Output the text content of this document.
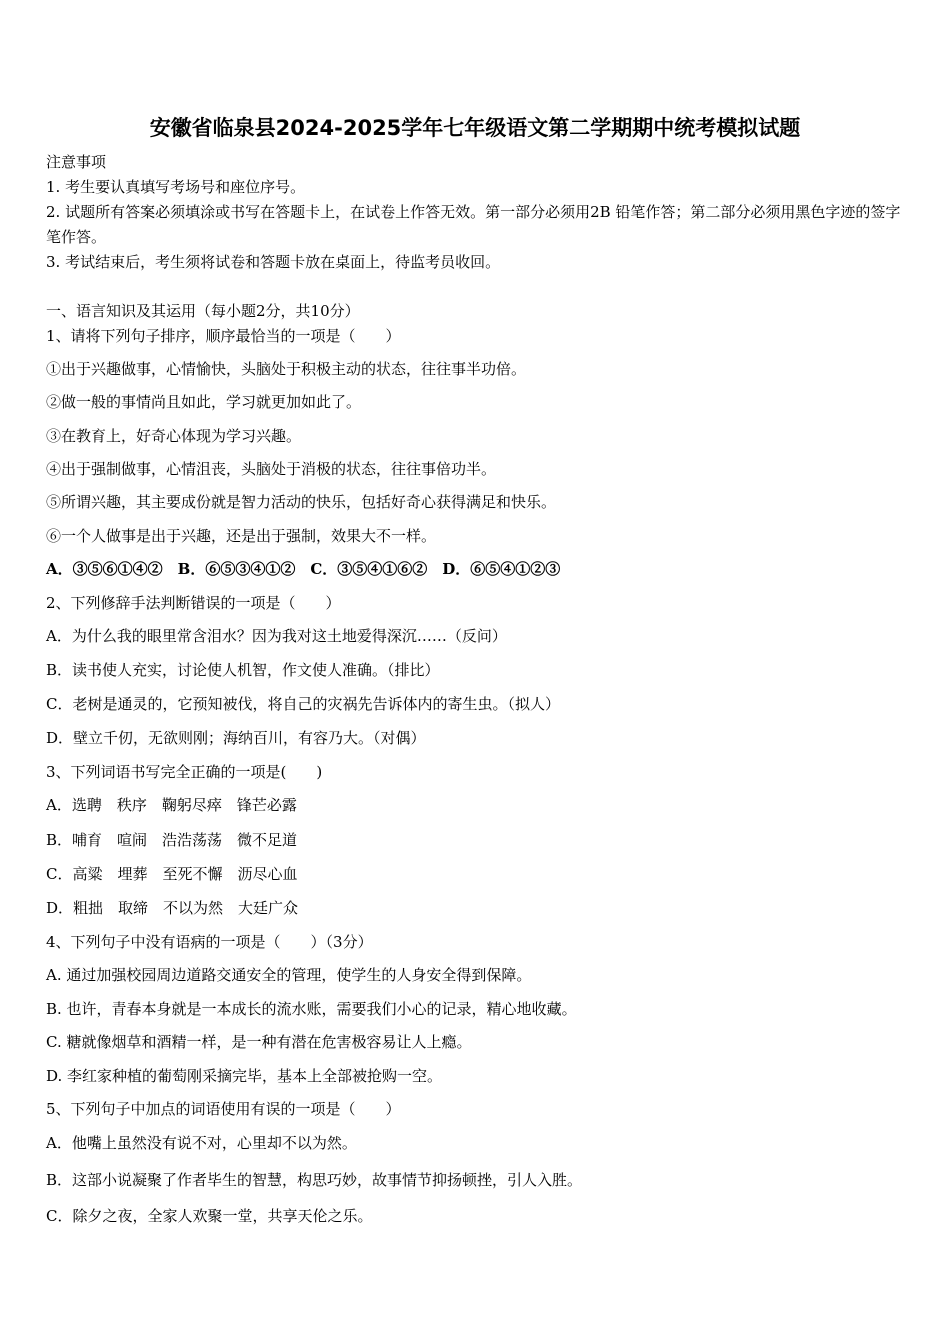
安徽省临泉县2024-2025学年七年级语文第二学期期中统考模拟试题
注意事项
1. 考生要认真填写考场号和座位序号。
2. 试题所有答案必须填涂或书写在答题卡上，在试卷上作答无效。第一部分必须用2B 铅笔作答；第二部分必须用黑色字迹的签字笔作答。
3. 考试结束后，考生须将试卷和答题卡放在桌面上，待监考员收回。
一、语言知识及其运用（每小题2分，共10分）
1、请将下列句子排序，顺序最恰当的一项是（　　）
①出于兴趣做事，心情愉快，头脑处于积极主动的状态，往往事半功倍。
②做一般的事情尚且如此，学习就更加如此了。
③在教育上，好奇心体现为学习兴趣。
④出于强制做事，心情沮丧，头脑处于消极的状态，往往事倍功半。
⑤所谓兴趣，其主要成份就是智力活动的快乐，包括好奇心获得满足和快乐。
⑥一个人做事是出于兴趣，还是出于强制，效果大不一样。
A．③⑤⑥①④②　B．⑥⑤③④①②　C．③⑤④①⑥②　D．⑥⑤④①②③
2、下列修辞手法判断错误的一项是（　　）
A．为什么我的眼里常含泪水？因为我对这土地爱得深沉……（反问）
B．读书使人充实，讨论使人机智，作文使人准确。（排比）
C．老树是通灵的，它预知被伐，将自己的灾祸先告诉体内的寄生虫。（拟人）
D．壁立千仞，无欲则刚；海纳百川，有容乃大。（对偶）
3、下列词语书写完全正确的一项是(　　)
A．选聘　秩序　鞠躬尽瘁　锋芒必露
B．哺育　喧闹　浩浩荡荡　微不足道
C．高粱　埋葬　至死不懈　沥尽心血
D．粗拙　取缔　不以为然　大廷广众
4、下列句子中没有语病的一项是（　　）（3分）
A. 通过加强校园周边道路交通安全的管理，使学生的人身安全得到保障。
B. 也许，青春本身就是一本成长的流水账，需要我们小心的记录，精心地收藏。
C. 糖就像烟草和酒精一样，是一种有潜在危害极容易让人上瘾。
D. 李红家种植的葡萄刚采摘完毕，基本上全部被抢购一空。
5、下列句子中加点的词语使用有误的一项是（　　）
A．他嘴上虽然没有说不对，心里却不以为然。
B．这部小说凝聚了作者毕生的智慧，构思巧妙，故事情节抑扬顿挫，引人入胜。
C．除夕之夜，全家人欢聚一堂，共享天伦之乐。
